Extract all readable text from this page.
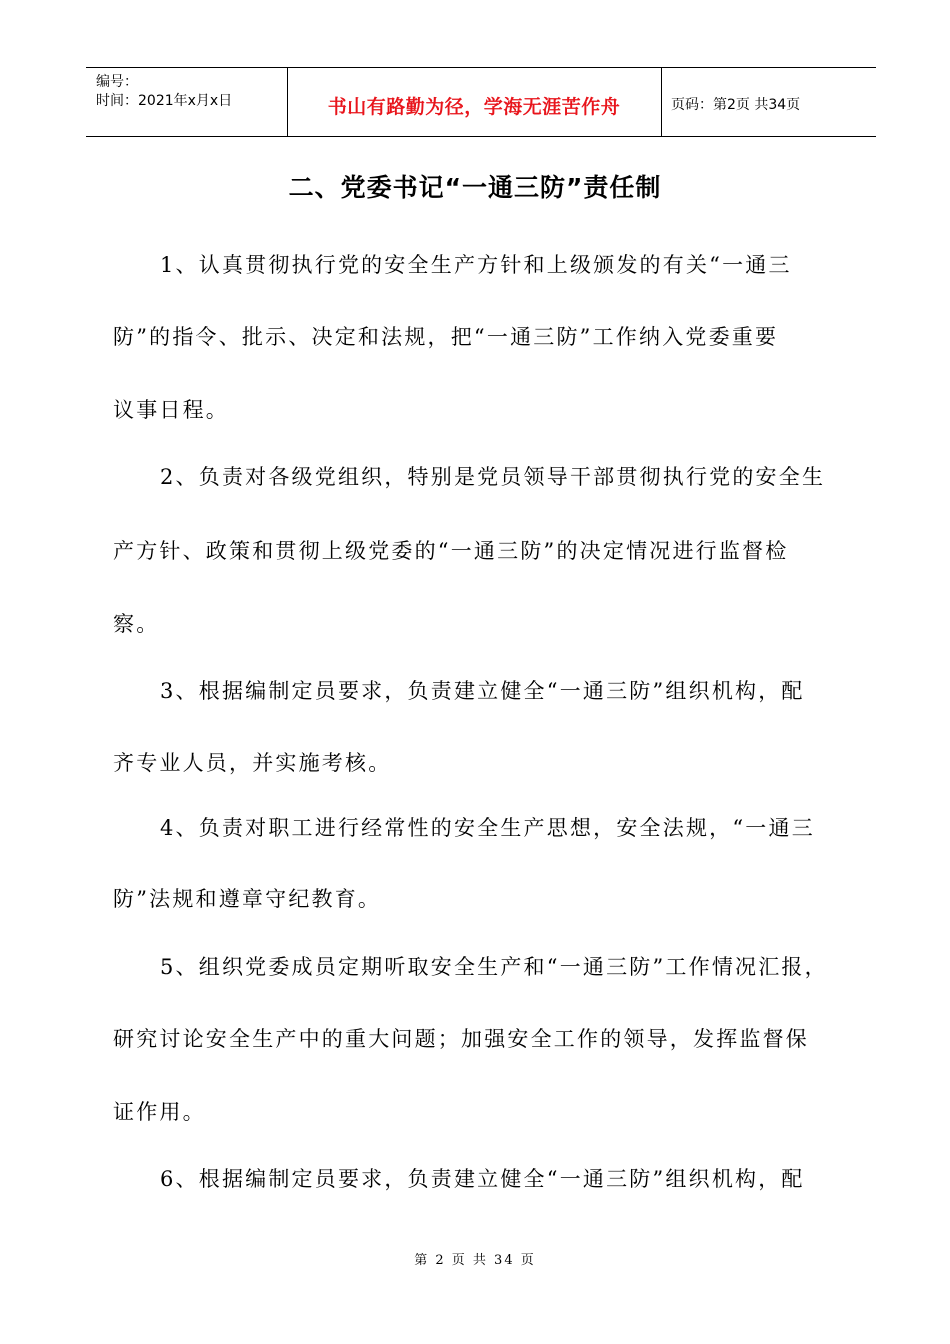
编号：
时间：2021年x月x日	书山有路勤为径，学海无涯苦作舟	页码：第2页 共34页
二、党委书记“一通三防”责任制
1、认真贯彻执行党的安全生产方针和上级颁发的有关“一通三
防”的指令、批示、决定和法规，把“一通三防”工作纳入党委重要
议事日程。
2、负责对各级党组织，特别是党员领导干部贯彻执行党的安全生
产方针、政策和贯彻上级党委的“一通三防”的决定情况进行监督检
察。
3、根据编制定员要求，负责建立健全“一通三防”组织机构，配
齐专业人员，并实施考核。
4、负责对职工进行经常性的安全生产思想，安全法规，“一通三
防”法规和遵章守纪教育。
5、组织党委成员定期听取安全生产和“一通三防”工作情况汇报，
研究讨论安全生产中的重大问题；加强安全工作的领导，发挥监督保
证作用。
6、根据编制定员要求，负责建立健全“一通三防”组织机构，配
第 2 页 共 34 页
